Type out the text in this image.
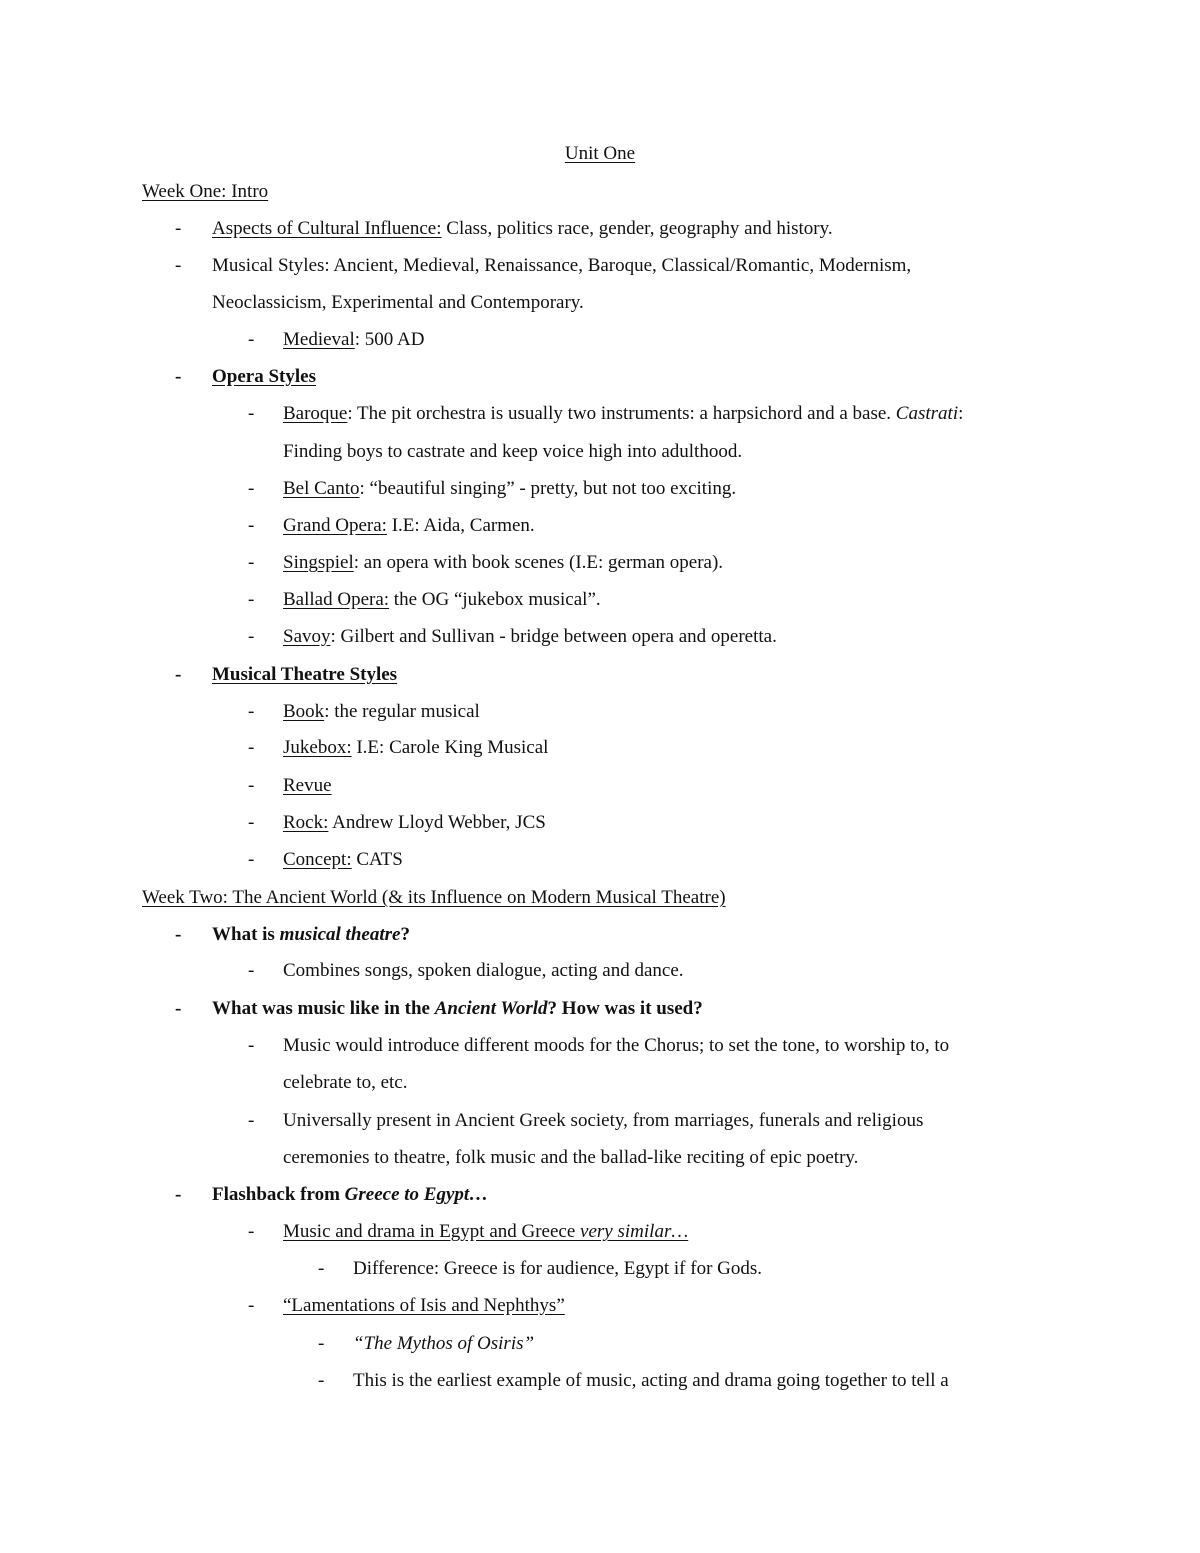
Unit One
Week One: Intro
- Aspects of Cultural Influence: Class, politics race, gender, geography and history.
- Musical Styles: Ancient, Medieval, Renaissance, Baroque, Classical/Romantic, Modernism,
Neoclassicism, Experimental and Contemporary.
- Medieval: 500 AD
- Opera Styles
- Baroque: The pit orchestra is usually two instruments: a harpsichord and a base. Castrati:
Finding boys to castrate and keep voice high into adulthood.
- Bel Canto: “beautiful singing” - pretty, but not too exciting.
- Grand Opera: I.E: Aida, Carmen.
- Singspiel: an opera with book scenes (I.E: german opera).
- Ballad Opera: the OG “jukebox musical”.
- Savoy: Gilbert and Sullivan - bridge between opera and operetta.
- Musical Theatre Styles
- Book: the regular musical
- Jukebox: I.E: Carole King Musical
- Revue
- Rock: Andrew Lloyd Webber, JCS
- Concept: CATS
Week Two: The Ancient World (& its Influence on Modern Musical Theatre)
- What is musical theatre?
- Combines songs, spoken dialogue, acting and dance.
- What was music like in the Ancient World? How was it used?
- Music would introduce different moods for the Chorus; to set the tone, to worship to, to
celebrate to, etc.
- Universally present in Ancient Greek society, from marriages, funerals and religious
ceremonies to theatre, folk music and the ballad-like reciting of epic poetry.
- Flashback from Greece to Egypt…
- Music and drama in Egypt and Greece very similar…
- Difference: Greece is for audience, Egypt if for Gods.
- “Lamentations of Isis and Nephthys”
- “The Mythos of Osiris”
- This is the earliest example of music, acting and drama going together to tell a
